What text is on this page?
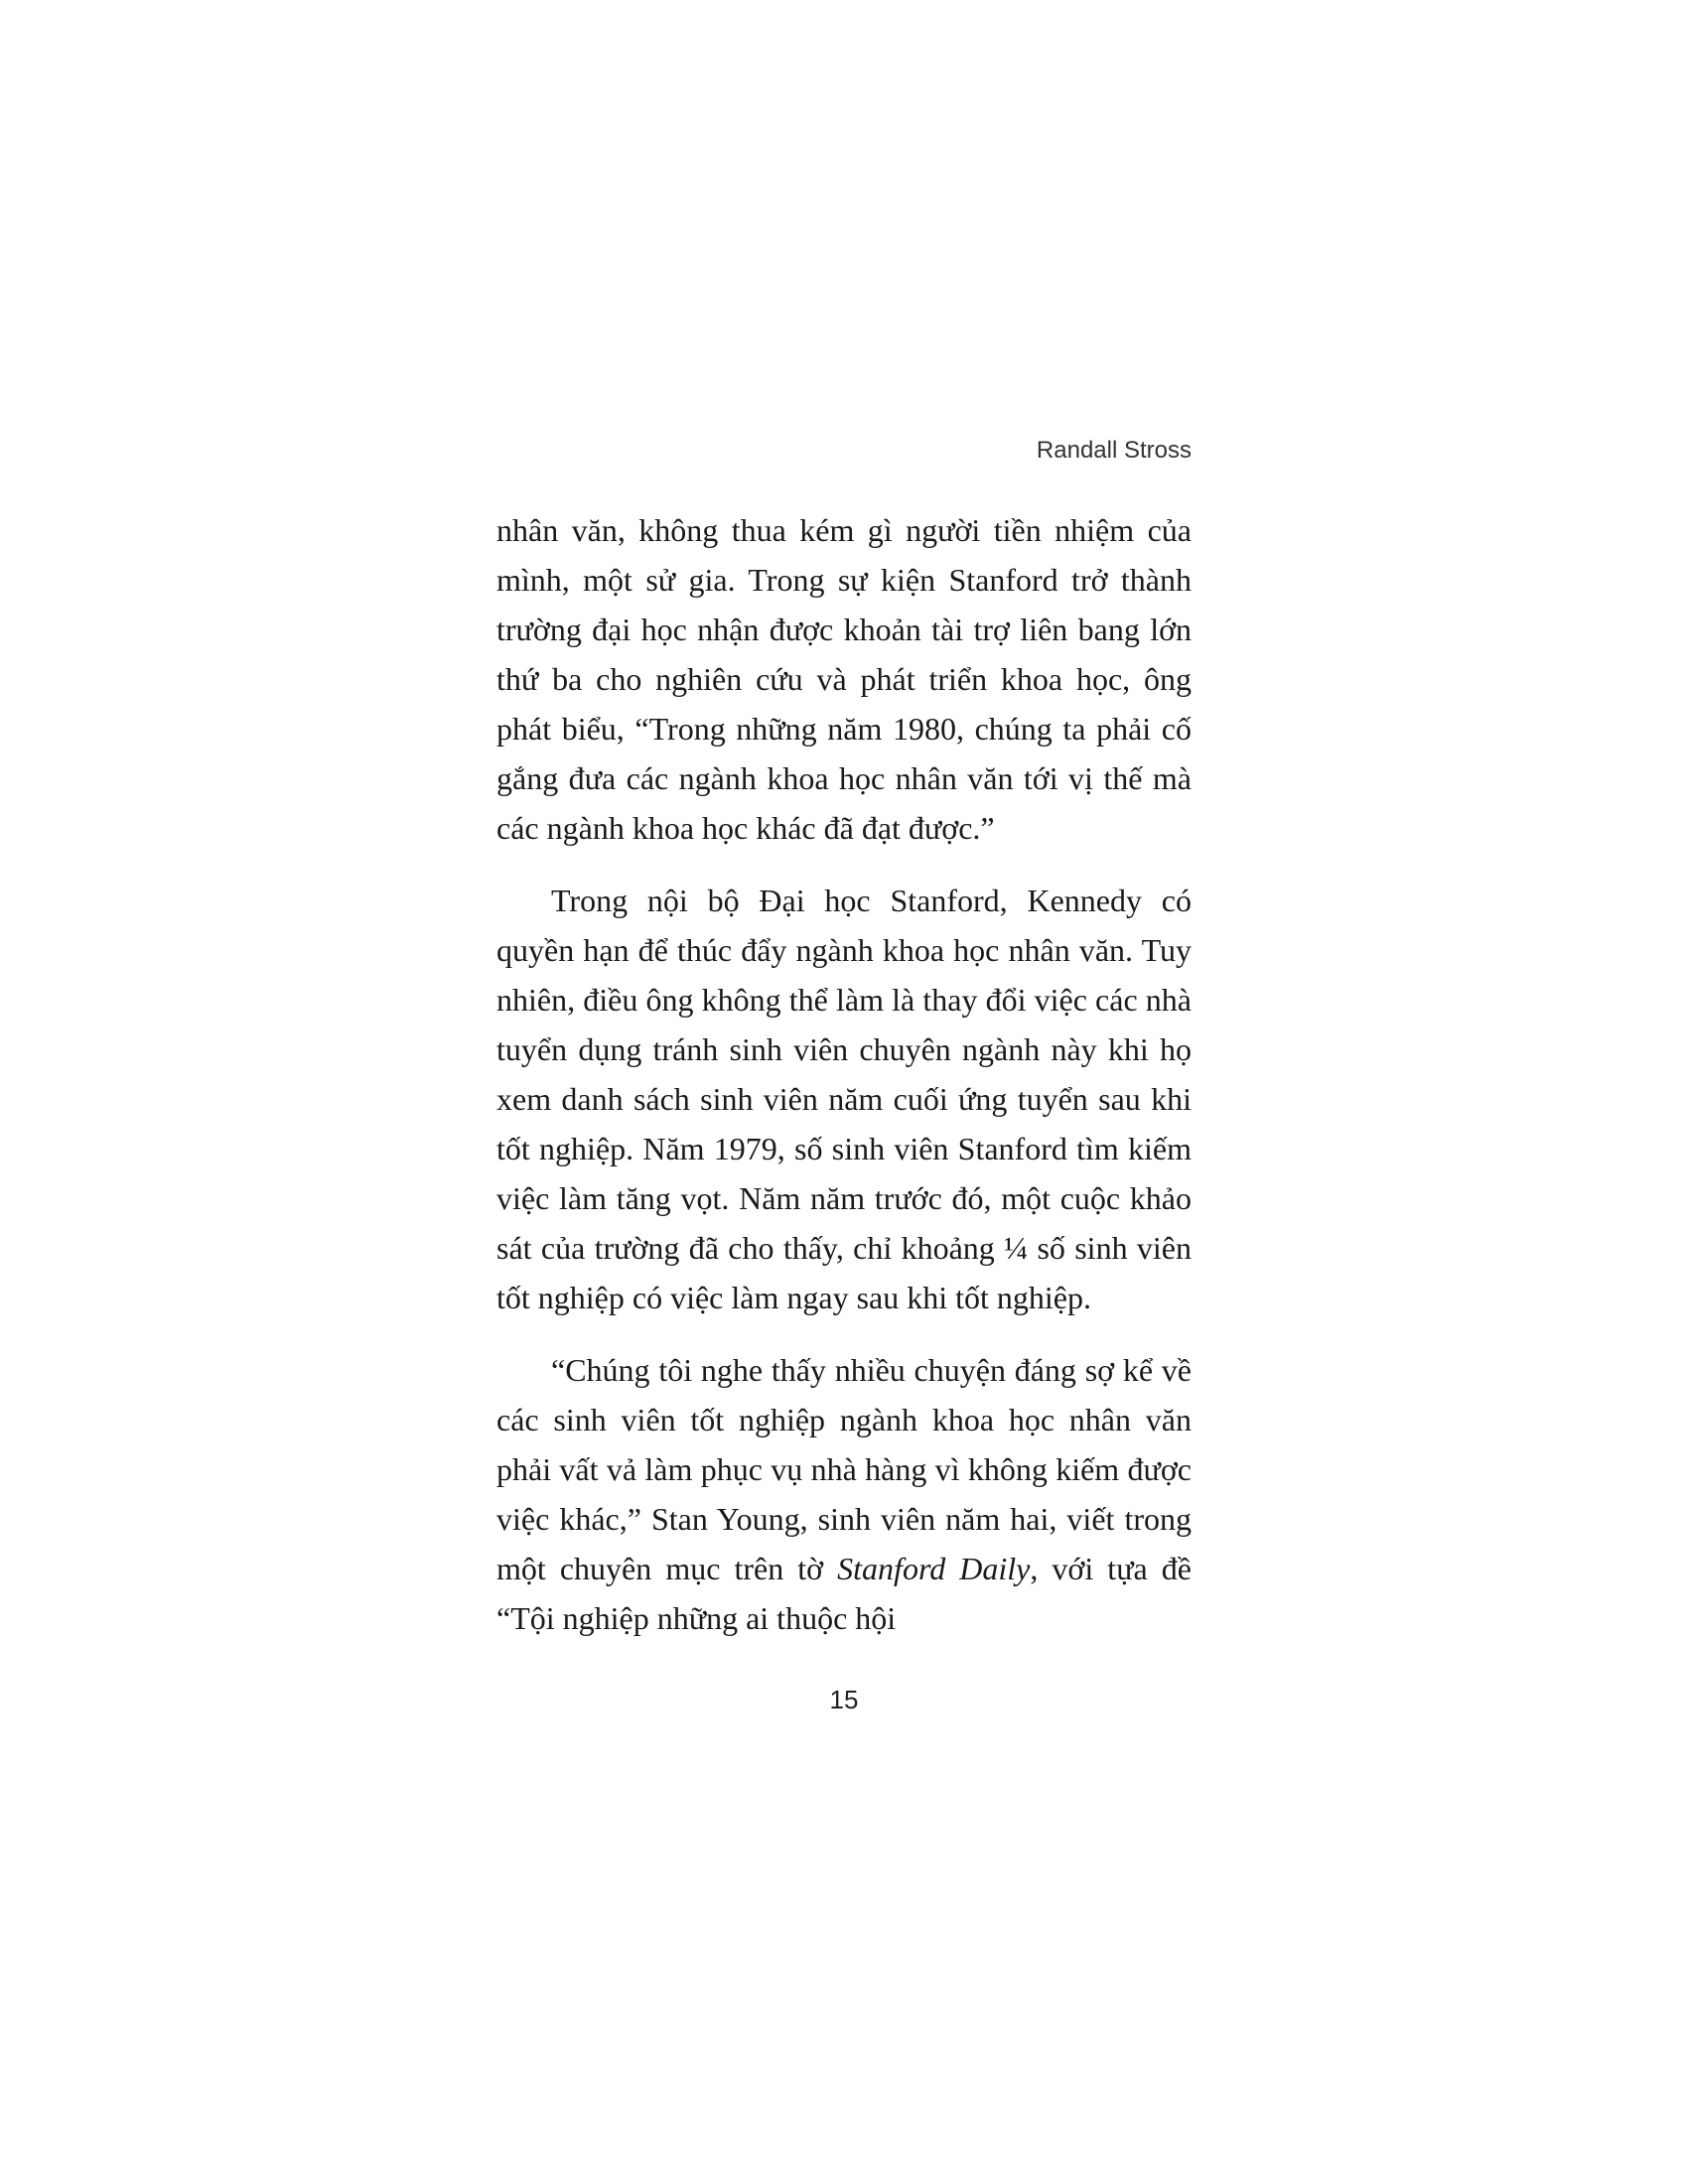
Randall Stross

nhân văn, không thua kém gì người tiền nhiệm của mình, một sử gia. Trong sự kiện Stanford trở thành trường đại học nhận được khoản tài trợ liên bang lớn thứ ba cho nghiên cứu và phát triển khoa học, ông phát biểu, “Trong những năm 1980, chúng ta phải cố gắng đưa các ngành khoa học nhân văn tới vị thế mà các ngành khoa học khác đã đạt được.”

Trong nội bộ Đại học Stanford, Kennedy có quyền hạn để thúc đẩy ngành khoa học nhân văn. Tuy nhiên, điều ông không thể làm là thay đổi việc các nhà tuyển dụng tránh sinh viên chuyên ngành này khi họ xem danh sách sinh viên năm cuối ứng tuyển sau khi tốt nghiệp. Năm 1979, số sinh viên Stanford tìm kiếm việc làm tăng vọt. Năm năm trước đó, một cuộc khảo sát của trường đã cho thấy, chỉ khoảng ¼ số sinh viên tốt nghiệp có việc làm ngay sau khi tốt nghiệp.

“Chúng tôi nghe thấy nhiều chuyện đáng sợ kể về các sinh viên tốt nghiệp ngành khoa học nhân văn phải vất vả làm phục vụ nhà hàng vì không kiếm được việc khác,” Stan Young, sinh viên năm hai, viết trong một chuyên mục trên tờ Stanford Daily, với tựa đề “Tội nghiệp những ai thuộc hội

15
